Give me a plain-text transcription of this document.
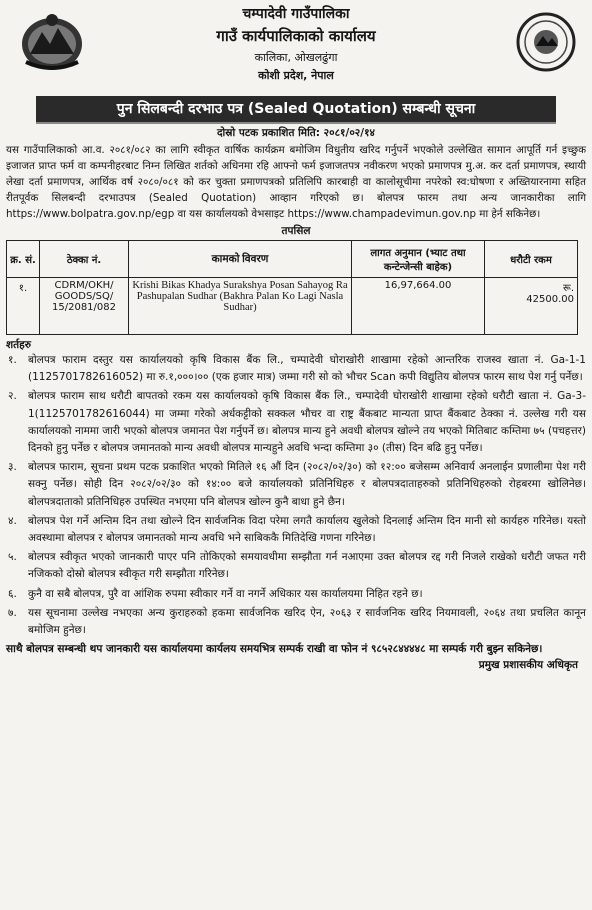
चम्पादेवी गाउँपालिका
गाउँ कार्यपालिकाको कार्यालय
कालिका, ओखलढुंगा
कोशी प्रदेश, नेपाल
पुन सिलबन्दी दरभाउ पत्र (Sealed Quotation) सम्बन्धी सूचना
दोस्रो पटक प्रकाशित मिति: २०८१/०२/१४
यस गाउँपालिकाको आ.व. २०८१/०८२ का लागि स्वीकृत वार्षिक कार्यक्रम बमोजिम विधुतीय खरिद गर्नुपर्ने भएकोले उल्लेखित सामान आपूर्ति गर्न इच्छुक इजाजत प्राप्त फर्म वा कम्पनीहरबाट निम्न लिखित शर्तको अधिनमा रहि आफ्नो फर्म इजाजतपत्र नवीकरण भएको प्रमाणपत्र मु.अ. कर दर्ता प्रमाणपत्र, स्थायी लेखा दर्ता प्रमाणपत्र, आर्थिक वर्ष २०८०/०८१ को कर चुक्ता प्रमाणपत्रको प्रतिलिपि कारबाही वा कालोसूचीमा नपरेको स्व:घोषणा र अख्तियारनामा सहित रीतपूर्वक सिलबन्दी दरभाउपत्र (Sealed Quotation) आव्हान गरिएको छ। बोलपत्र फारम तथा अन्य जानकारीका लागि https://www.bolpatra.gov.np/egp वा यस कार्यालयको वेभसाइट https://www.champadevimun.gov.np मा हेर्न सकिनेछ।
तपसिल
क्र. सं.	ठेक्का नं.	कामको विवरण	लागत अनुमान (भ्याट तथा कन्टेन्जेन्सी बाहेक)	धरौटी रकम
१.	CDRM/OKH/ GOODS/SQ/ 15/2081/082	Krishi Bikas Khadya Surakshya Posan Sahayog Ra Pashupalan Sudhar (Bakhra Palan Ko Lagi Nasla Sudhar)	16,97,664.00	रू.
42500.00
शर्तहरु
१. बोलपत्र फाराम दस्तुर यस कार्यालयको कृषि विकास बैंक लि., चम्पादेवी घोराखोरी शाखामा रहेको आन्तरिक राजस्व खाता नं. Ga-1-1 (1125701782616052) मा रु.१,०००।०० (एक हजार मात्र) जम्मा गरी सो को भौचर Scan कपी विद्युतिय बोलपत्र फारम साथ पेश गर्नु पर्नेछ।
२. बोलपत्र फाराम साथ धरौटी बापतको रकम यस कार्यालयको कृषि विकास बैंक लि., चम्पादेवी घोराखोरी शाखामा रहेको धरौटी खाता नं. Ga-3-1(1125701782616044) मा जम्मा गरेको अर्धकट्टीको सक्कल भौचर वा राष्ट्र बैंकबाट मान्यता प्राप्त बैंकबाट ठेक्का नं. उल्लेख गरी यस कार्यालयको नाममा जारी भएको बोलपत्र जमानत पेश गर्नुपर्ने छ। बोलपत्र मान्य हुने अवधी बोलपत्र खोल्ने तय भएको मितिबाट कम्तिमा ७५ (पचहत्तर) दिनको हुनु पर्नेछ र बोलपत्र जमानतको मान्य अवधी बोलपत्र मान्यहुने अवधि भन्दा कम्तिमा ३० (तीस) दिन बढि हुनु पर्नेछ।
३. बोलपत्र फाराम, सूचना प्रथम पटक प्रकाशित भएको मितिले १६ औं दिन (२०८२/०२/३०) को १२:०० बजेसम्म अनिवार्य अनलाईन प्रणालीमा पेश गरी सक्नु पर्नेछ। सोही दिन २०८२/०२/३० को १४:०० बजे कार्यालयको प्रतिनिधिहरु र बोलपत्रदाताहरुको प्रतिनिधिहरुको रोहबरमा खोलिनेछ। बोलपत्रदाताको प्रतिनिधिहरु उपस्थित नभएमा पनि बोलपत्र खोल्न कुनै बाधा हुने छैन।
४. बोलपत्र पेश गर्ने अन्तिम दिन तथा खोल्ने दिन सार्वजनिक विदा परेमा लगतै कार्यालय खुलेको दिनलाई अन्तिम दिन मानी सो कार्यहरु गरिनेछ। यस्तो अवस्थामा बोलपत्र र बोलपत्र जमानतको मान्य अवधि भने साबिककै मितिदेखि गणना गरिनेछ।
५. बोलपत्र स्वीकृत भएको जानकारी पाएर पनि तोकिएको समयावधीमा सम्झौता गर्न नआएमा उक्त बोलपत्र रद्द गरी निजले राखेको धरौटी जफत गरी नजिकको दोस्रो बोलपत्र स्वीकृत गरी सम्झौता गरिनेछ।
६. कुनै वा सबै बोलपत्र, पुरै वा आंशिक रुपमा स्वीकार गर्ने वा नगर्ने अधिकार यस कार्यालयमा निहित रहने छ।
७. यस सूचनामा उल्लेख नभएका अन्य कुराहरुको हकमा सार्वजनिक खरिद ऐन, २०६३ र सार्वजनिक खरिद नियमावली, २०६४ तथा प्रचलित कानून बमोजिम हुनेछ।
साथै बोलपत्र सम्बन्धी थप जानकारी यस कार्यालयमा कार्यलय समयभित्र सम्पर्क राखी वा फोन नं ९८५२८४४४४८ मा सम्पर्क गरी बुझ्न सकिनेछ।
प्रमुख प्रशासकीय अधिकृत
